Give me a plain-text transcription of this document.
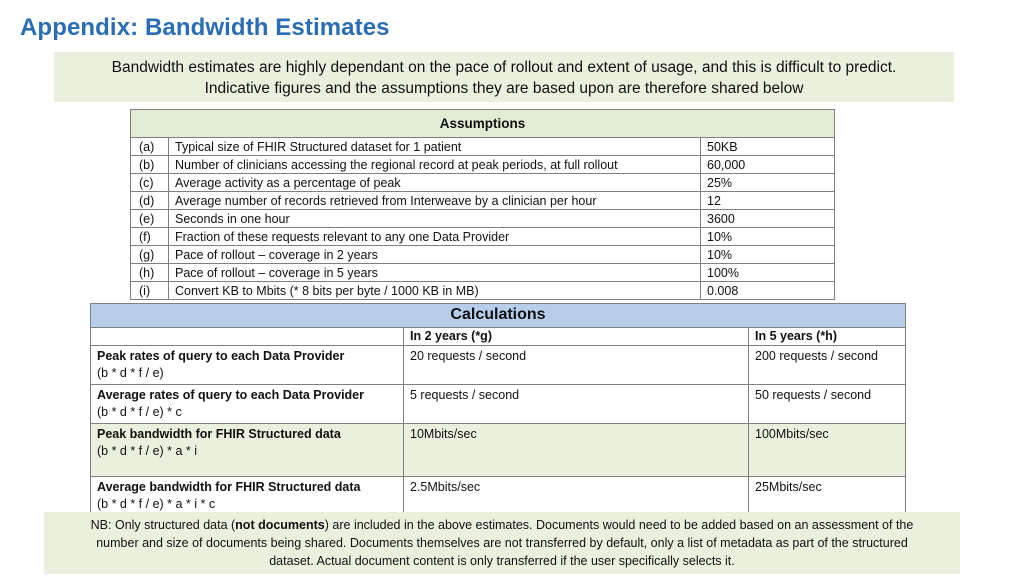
Appendix: Bandwidth Estimates
Bandwidth estimates are highly dependant on the pace of rollout and extent of usage, and this is difficult to predict.
Indicative figures and the assumptions they are based upon are therefore shared below
Assumptions		
(a)	Typical size of FHIR Structured dataset for 1 patient	50KB
(b)	Number of clinicians accessing the regional record at peak periods, at full rollout	60,000
(c)	Average activity as a percentage of peak	25%
(d)	Average number of records retrieved from Interweave by a clinician per hour	12
(e)	Seconds in one hour	3600
(f)	Fraction of these requests relevant to any one Data Provider	10%
(g)	Pace of rollout – coverage in 2 years	10%
(h)	Pace of rollout – coverage in 5 years	100%
(i)	Convert KB to Mbits (* 8 bits per byte / 1000 KB in MB)	0.008
Calculations		
	In 2 years (*g)	In 5 years (*h)

Peak rates of query to each Data Provider
(b * d * f / e)	20 requests / second	200 requests / second

Average rates of query to each Data Provider
(b * d * f / e) * c	5 requests / second	50 requests / second

Peak bandwidth for FHIR Structured data
(b * d * f / e) * a * i	10Mbits/sec	100Mbits/sec

Average bandwidth for FHIR Structured data
(b * d * f / e) * a * i * c	2.5Mbits/sec	25Mbits/sec
NB: Only structured data (not documents) are included in the above estimates. Documents would need to be added based on an assessment of the
number and size of documents being shared. Documents themselves are not transferred by default, only a list of metadata as part of the structured
dataset. Actual document content is only transferred if the user specifically selects it.
